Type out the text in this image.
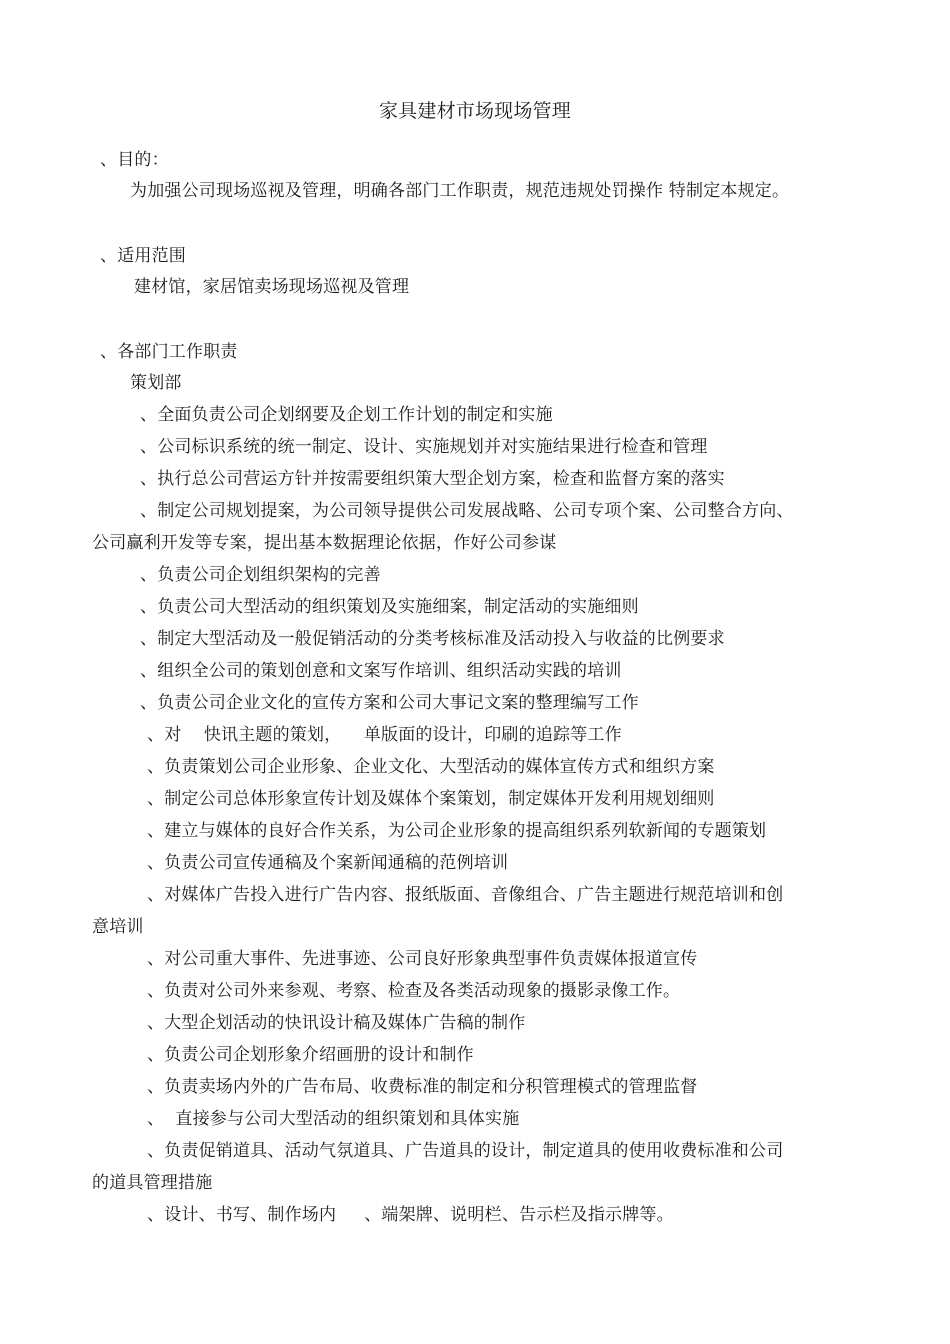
家具建材市场现场管理
、目的：
为加强公司现场巡视及管理，明确各部门工作职责，规范违规处罚操作 特制定本规定。
、适用范围
建材馆，家居馆卖场现场巡视及管理
、各部门工作职责
策划部
、全面负责公司企划纲要及企划工作计划的制定和实施
、公司标识系统的统一制定、设计、实施规划并对实施结果进行检查和管理
、执行总公司营运方针并按需要组织策大型企划方案，检查和监督方案的落实
、制定公司规划提案，为公司领导提供公司发展战略、公司专项个案、公司整合方向、
公司赢利开发等专案，提出基本数据理论依据，作好公司参谋
、负责公司企划组织架构的完善
、负责公司大型活动的组织策划及实施细案，制定活动的实施细则
、制定大型活动及一般促销活动的分类考核标准及活动投入与收益的比例要求
、组织全公司的策划创意和文案写作培训、组织活动实践的培训
、负责公司企业文化的宣传方案和公司大事记文案的整理编写工作
、对    快讯主题的策划，    单版面的设计，印刷的追踪等工作
、负责策划公司企业形象、企业文化、大型活动的媒体宣传方式和组织方案
、制定公司总体形象宣传计划及媒体个案策划，制定媒体开发利用规划细则
、建立与媒体的良好合作关系，为公司企业形象的提高组织系列软新闻的专题策划
、负责公司宣传通稿及个案新闻通稿的范例培训
、对媒体广告投入进行广告内容、报纸版面、音像组合、广告主题进行规范培训和创
意培训
、对公司重大事件、先进事迹、公司良好形象典型事件负责媒体报道宣传
、负责对公司外来参观、考察、检查及各类活动现象的摄影录像工作。
、大型企划活动的快讯设计稿及媒体广告稿的制作
、负责公司企划形象介绍画册的设计和制作
、负责卖场内外的广告布局、收费标准的制定和分积管理模式的管理监督
、  直接参与公司大型活动的组织策划和具体实施
、负责促销道具、活动气氛道具、广告道具的设计，制定道具的使用收费标准和公司
的道具管理措施
、设计、书写、制作场内     、端架牌、说明栏、告示栏及指示牌等。
